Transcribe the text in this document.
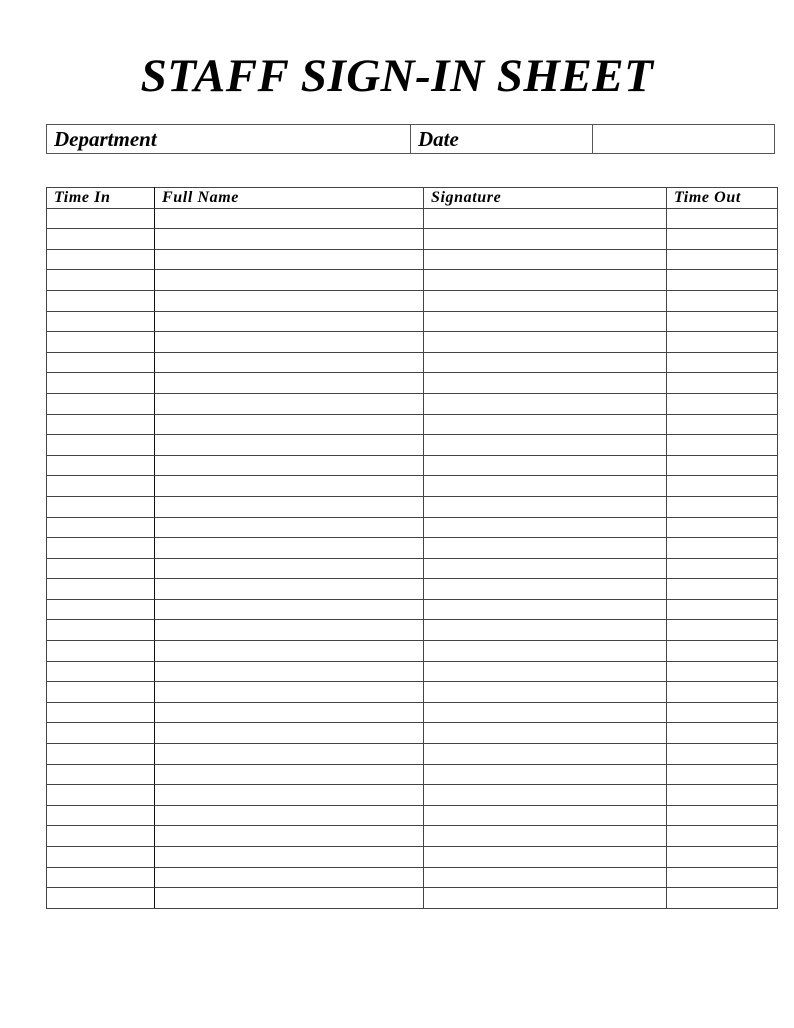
STAFF SIGN-IN SHEET
Department	Date
Time In	Full Name	Signature	Time Out
